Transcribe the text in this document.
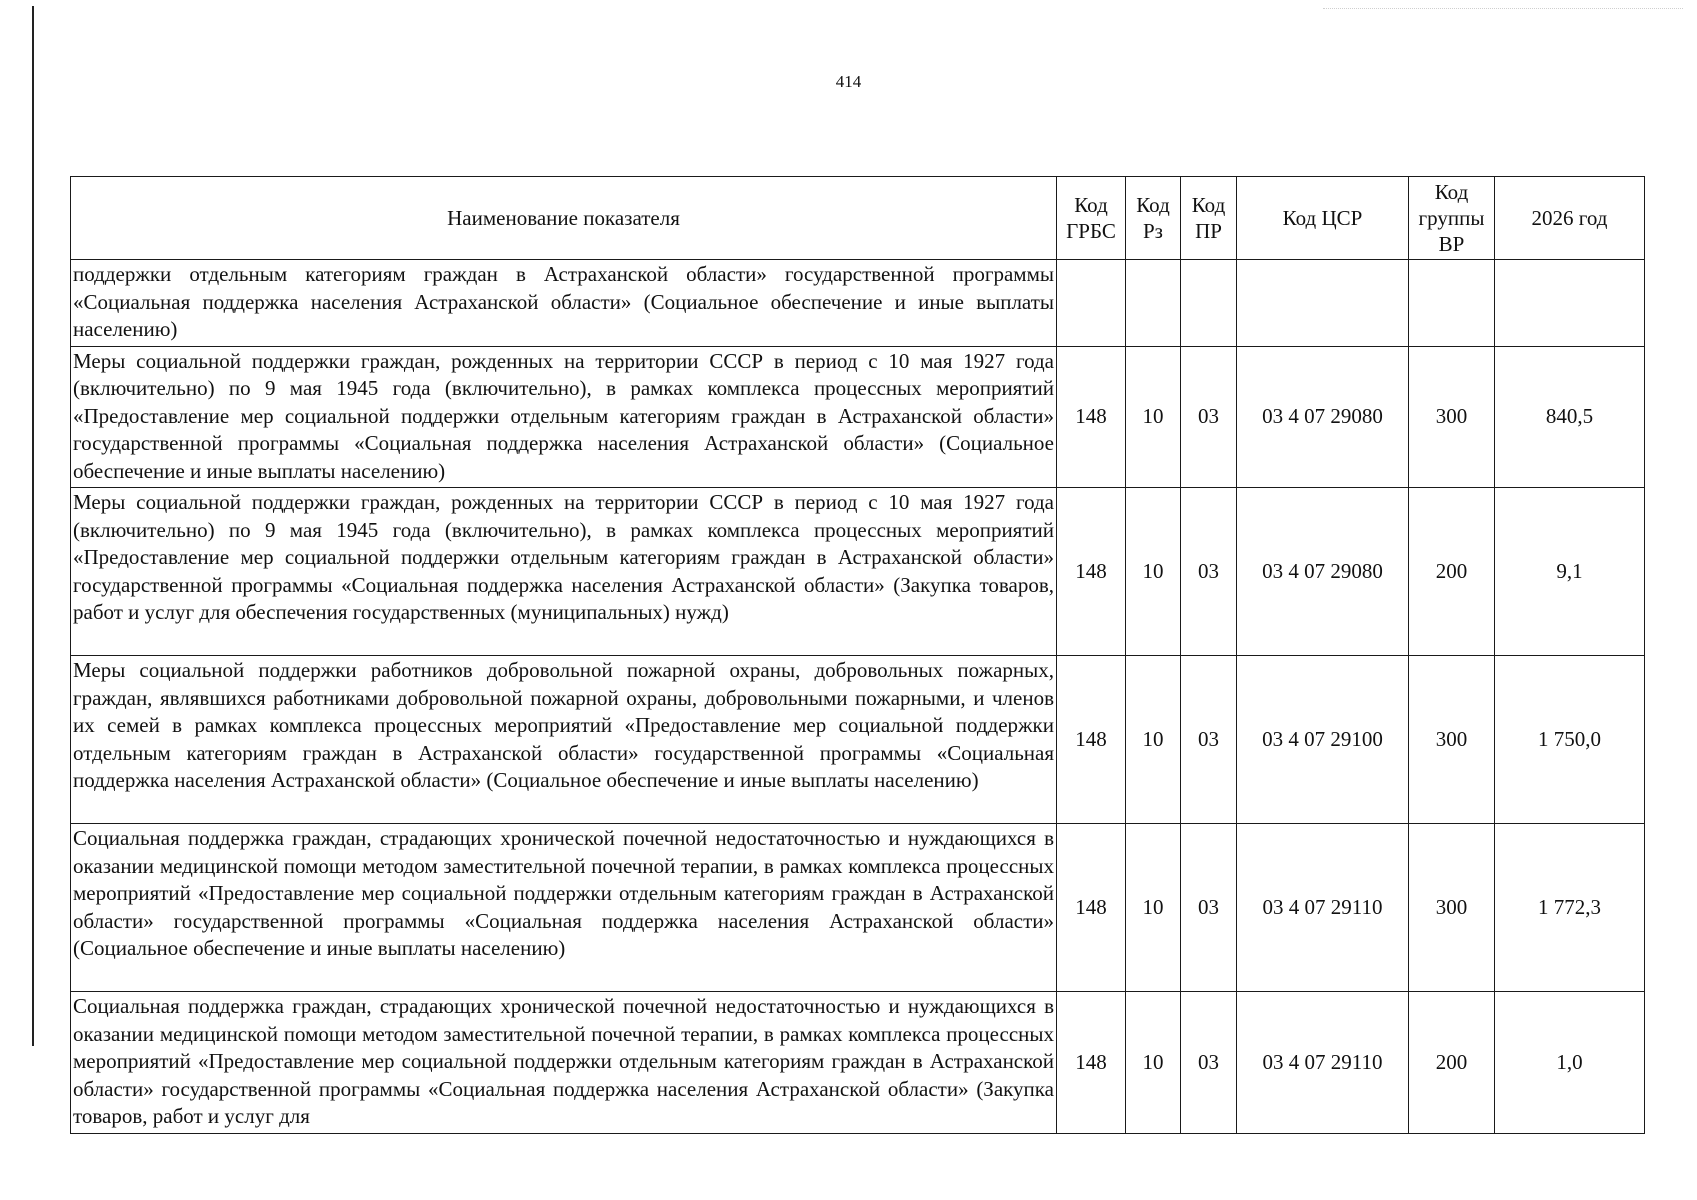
414
Наименование показателя	Код ГРБС	Код Рз	Код ПР	Код ЦСР	Код группы ВР	2026 год
поддержки отдельным категориям граждан в Астраханской области» государственной программы «Социальная поддержка населения Астраханской области» (Социальное обеспечение и иные выплаты населению)						
Меры социальной поддержки граждан, рожденных на территории СССР в период с 10 мая 1927 года (включительно) по 9 мая 1945 года (включительно), в рамках комплекса процессных мероприятий «Предоставление мер социальной поддержки отдельным категориям граждан в Астраханской области» государственной программы «Социальная поддержка населения Астраханской области» (Социальное обеспечение и иные выплаты населению)	148	10	03	03 4 07 29080	300	840,5
Меры социальной поддержки граждан, рожденных на территории СССР в период с 10 мая 1927 года (включительно) по 9 мая 1945 года (включительно), в рамках комплекса процессных мероприятий «Предоставление мер социальной поддержки отдельным категориям граждан в Астраханской области» государственной программы «Социальная поддержка населения Астраханской области» (Закупка товаров, работ и услуг для обеспечения государственных (муниципальных) нужд)	148	10	03	03 4 07 29080	200	9,1
Меры социальной поддержки работников добровольной пожарной охраны, добровольных пожарных, граждан, являвшихся работниками добровольной пожарной охраны, добровольными пожарными, и членов их семей в рамках комплекса процессных мероприятий «Предоставление мер социальной поддержки отдельным категориям граждан в Астраханской области» государственной программы «Социальная поддержка населения Астраханской области» (Социальное обеспечение и иные выплаты населению)	148	10	03	03 4 07 29100	300	1 750,0
Социальная поддержка граждан, страдающих хронической почечной недостаточностью и нуждающихся в оказании медицинской помощи методом заместительной почечной терапии, в рамках комплекса процессных мероприятий «Предоставление мер социальной поддержки отдельным категориям граждан в Астраханской области» государственной программы «Социальная поддержка населения Астраханской области» (Социальное обеспечение и иные выплаты населению)	148	10	03	03 4 07 29110	300	1 772,3
Социальная поддержка граждан, страдающих хронической почечной недостаточностью и нуждающихся в оказании медицинской помощи методом заместительной почечной терапии, в рамках комплекса процессных мероприятий «Предоставление мер социальной поддержки отдельным категориям граждан в Астраханской области» государственной программы «Социальная поддержка населения Астраханской области» (Закупка товаров, работ и услуг для	148	10	03	03 4 07 29110	200	1,0
